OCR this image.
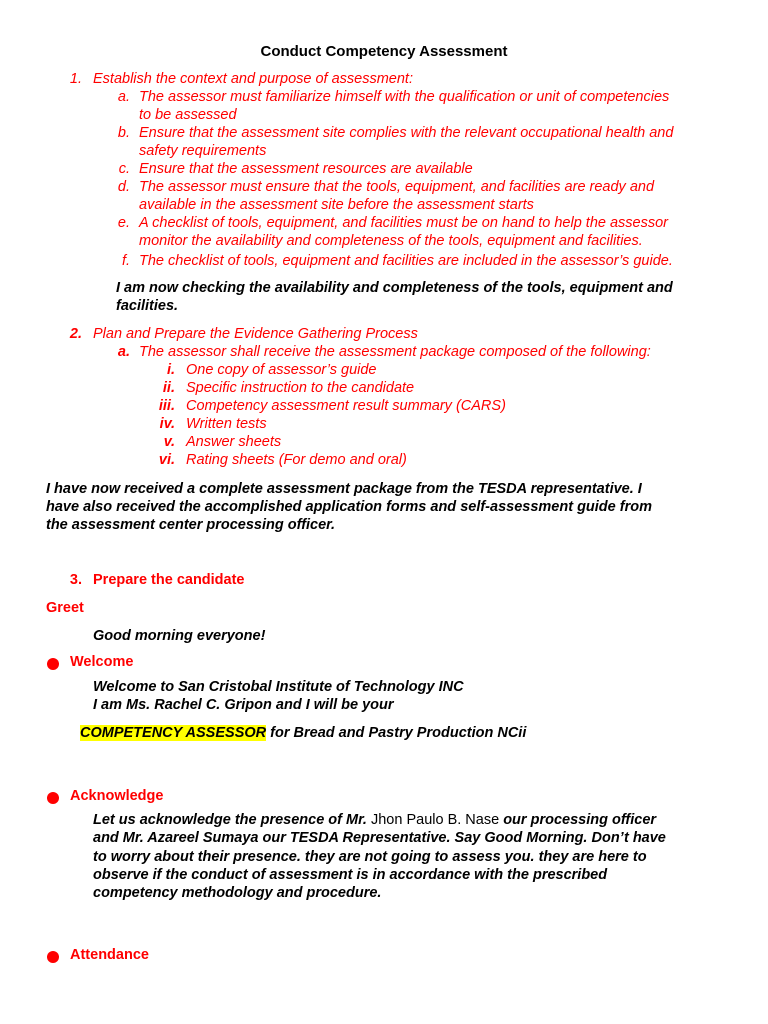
Conduct Competency Assessment
1. Establish the context and purpose of assessment:
a. The assessor must familiarize himself with the qualification or unit of competencies
to be assessed
b. Ensure that the assessment site complies with the relevant occupational health and
safety requirements
c. Ensure that the assessment resources are available
d. The assessor must ensure that the tools, equipment, and facilities are ready and
available in the assessment site before the assessment starts
e. A checklist of tools, equipment, and facilities must be on hand to help the assessor
monitor the availability and completeness of the tools, equipment and facilities.
f. The checklist of tools, equipment and facilities are included in the assessor’s guide.
I am now checking the availability and completeness of the tools, equipment and
facilities.
2. Plan and Prepare the Evidence Gathering Process
a. The assessor shall receive the assessment package composed of the following:
i. One copy of assessor’s guide
ii. Specific instruction to the candidate
iii. Competency assessment result summary (CARS)
iv. Written tests
v. Answer sheets
vi. Rating sheets (For demo and oral)
I have now received a complete assessment package from the TESDA representative. I
have also received the accomplished application forms and self-assessment guide from
the assessment center processing officer.
3. Prepare the candidate
Greet
Good morning everyone!
Welcome
Welcome to San Cristobal Institute of Technology INC
I am Ms. Rachel C. Gripon and I will be your
COMPETENCY ASSESSOR for Bread and Pastry Production NCii
Acknowledge
Let us acknowledge the presence of Mr. Jhon Paulo B. Nase our processing officer
and Mr. Azareel Sumaya our TESDA Representative. Say Good Morning. Don’t have
to worry about their presence. they are not going to assess you. they are here to
observe if the conduct of assessment is in accordance with the prescribed
competency methodology and procedure.
Attendance
